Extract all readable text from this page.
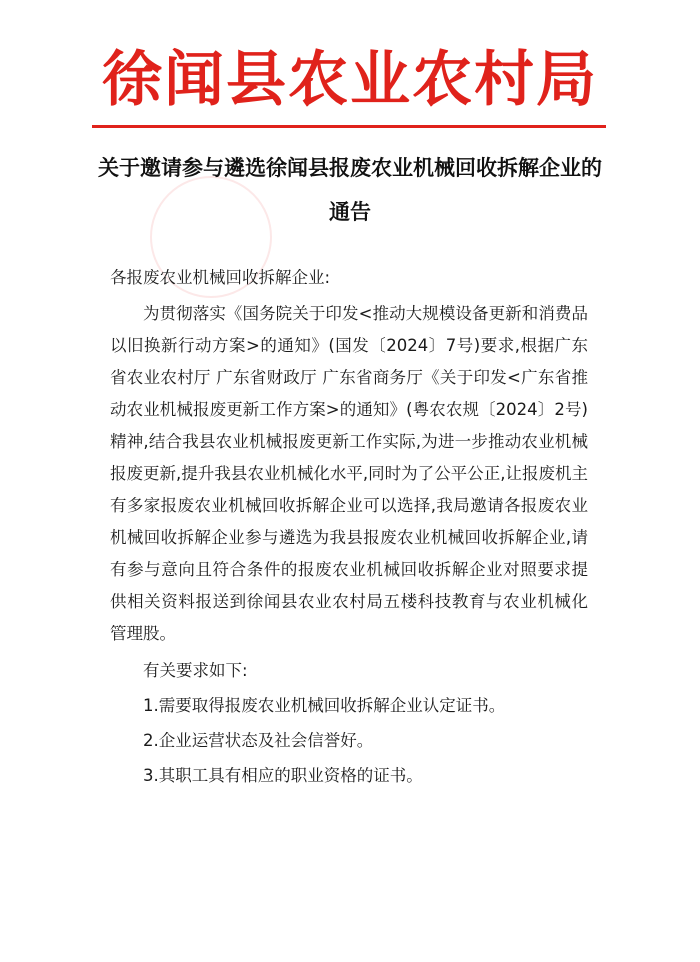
徐闻县农业农村局
关于邀请参与遴选徐闻县报废农业机械回收拆解企业的
通告

各报废农业机械回收拆解企业:

为贯彻落实《国务院关于印发<推动大规模设备更新和消费品以旧换新行动方案>的通知》(国发〔2024〕7号)要求,根据广东省农业农村厅 广东省财政厅 广东省商务厅《关于印发<广东省推动农业机械报废更新工作方案>的通知》(粤农农规〔2024〕2号)精神,结合我县农业机械报废更新工作实际,为进一步推动农业机械报废更新,提升我县农业机械化水平,同时为了公平公正,让报废机主有多家报废农业机械回收拆解企业可以选择,我局邀请各报废农业机械回收拆解企业参与遴选为我县报废农业机械回收拆解企业,请有参与意向且符合条件的报废农业机械回收拆解企业对照要求提供相关资料报送到徐闻县农业农村局五楼科技教育与农业机械化管理股。

有关要求如下:

1.需要取得报废农业机械回收拆解企业认定证书。

2.企业运营状态及社会信誉好。

3.其职工具有相应的职业资格的证书。
